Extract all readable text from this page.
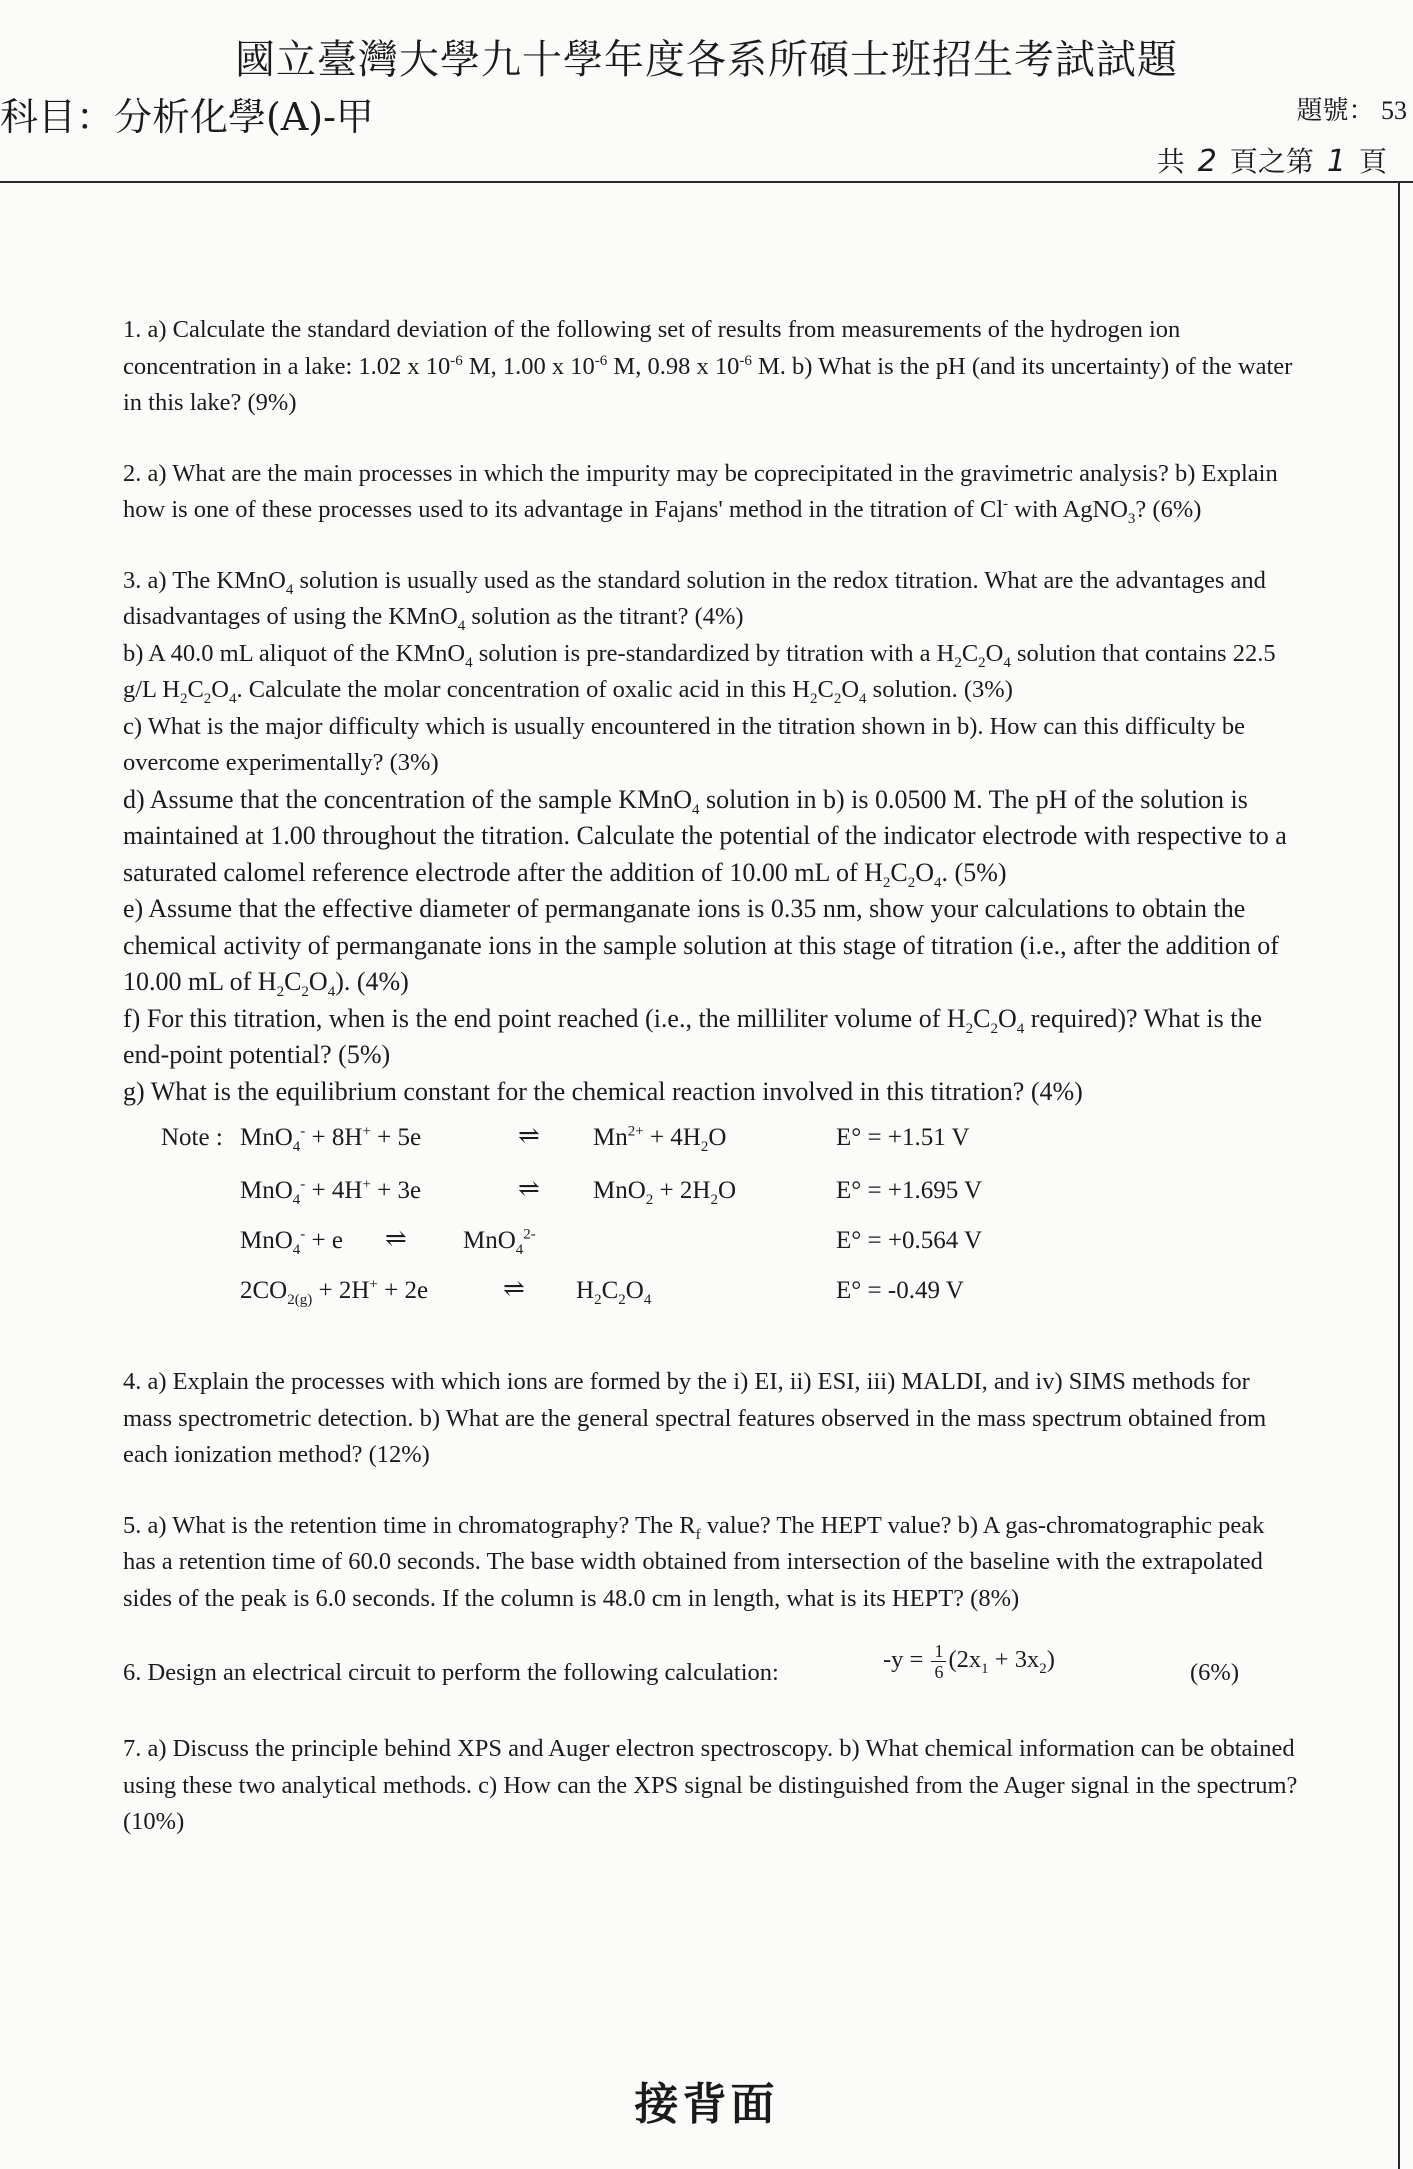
國立臺灣大學九十學年度各系所碩士班招生考試試題
科目：分析化學(A)-甲	題號： 53
共 2 頁之第 1 頁

1. a) Calculate the standard deviation of the following set of results from measurements of the hydrogen ion concentration in a lake: 1.02 x $10^{-6}$ M, 1.00 x $10^{-6}$ M, 0.98 x $10^{-6}$ M. b) What is the pH (and its uncertainty) of the water in this lake? (9%)

2. a) What are the main processes in which the impurity may be coprecipitated in the gravimetric analysis? b) Explain how is one of these processes used to its advantage in Fajans' method in the titration of Cl- with AgNO$_3$? (6%)

3. a) The KMnO$_4$ solution is usually used as the standard solution in the redox titration. What are the advantages and disadvantages of using the KMnO$_4$ solution as the titrant? (4%)

b) A 40.0 mL aliquot of the KMnO$_4$ solution is pre-standardized by titration with a $H_2C_2O_4$ solution that contains 22.5 g/L $H_2C_2O_4$. Calculate the molar concentration of oxalic acid in this $H_2C_2O_4$ solution. (3%)

c) What is the major difficulty which is usually encountered in the titration shown in b). How can this difficulty be overcome experimentally? (3%)

d) Assume that the concentration of the sample KMnO$_4$ solution in b) is 0.0500 M. The pH of the solution is maintained at 1.00 throughout the titration. Calculate the potential of the indicator electrode with respective to a saturated calomel reference electrode after the addition of 10.00 mL of $H_2C_2O_4$. (5%)

e) Assume that the effective diameter of permanganate ions is 0.35 nm, show your calculations to obtain the chemical activity of permanganate ions in the sample solution at this stage of titration (i.e., after the addition of 10.00 mL of $H_2C_2O_4$). (4%)

f) For this titration, when is the end point reached (i.e., the milliliter volume of $H_2C_2O_4$ required)? What is the end-point potential? (5%)

g) What is the equilibrium constant for the chemical reaction involved in this titration? (4%)

Note : MnO$_4$- + 8H+ + 5e	⇌ $Mn^{2+} + 4H_2O$	E° = +1.51 V
MnO$_4$- + 4H+ + 3e	⇌ $MnO_2 + 2H_2O$	E° = +1.695 V
MnO$_4$- + e ⇌ MnO$_4^{2-}$	E° = +0.564 V
$2CO_{2(g)} + 2H^+ + 2e$	⇌ $H_2C_2O_4$	E° = -0.49 V

4. a) Explain the processes with which ions are formed by the i) EI, ii) ESI, iii) MALDI, and iv) SIMS methods for mass spectrometric detection. b) What are the general spectral features observed in the mass spectrum obtained from each ionization method? (12%)

5. a) What is the retention time in chromatography? The $R_f$ value? The HEPT value? b) A gas-chromatographic peak has a retention time of 60.0 seconds. The base width obtained from intersection of the baseline with the extrapolated sides of the peak is 6.0 seconds. If the column is 48.0 cm in length, what is its HEPT? (8%)

6. Design an electrical circuit to perform the following calculation:	$-y = \frac{1}{6} (2x_1 + 3x_2)$	(6%)

7. a) Discuss the principle behind XPS and Auger electron spectroscopy. b) What chemical information can be obtained using these two analytical methods. c) How can the XPS signal be distinguished from the Auger signal in the spectrum? (10%)

接背面
